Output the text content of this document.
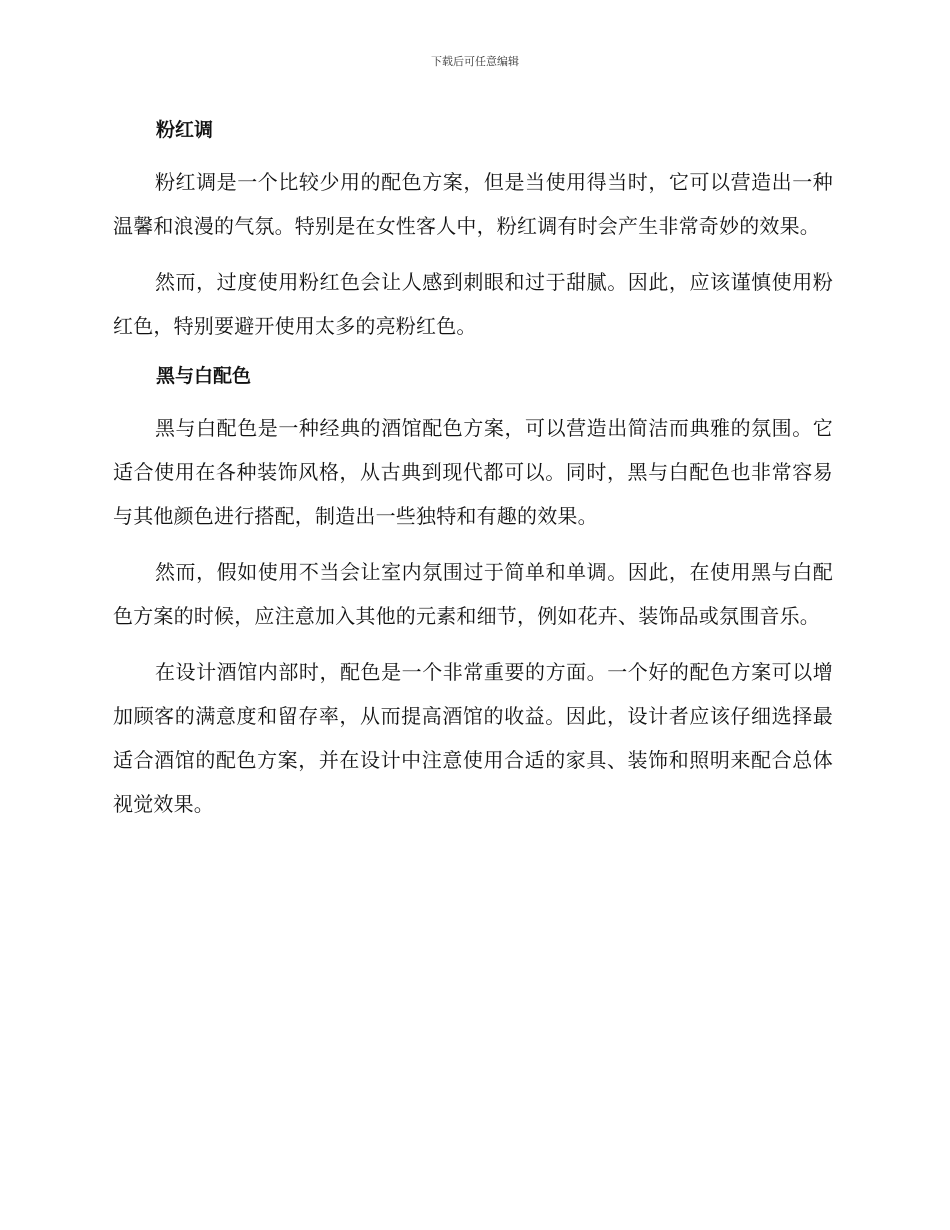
下载后可任意编辑
粉红调

粉红调是一个比较少用的配色方案，但是当使用得当时，它可以营造出一种温馨和浪漫的气氛。特别是在女性客人中，粉红调有时会产生非常奇妙的效果。

然而，过度使用粉红色会让人感到刺眼和过于甜腻。因此，应该谨慎使用粉红色，特别要避开使用太多的亮粉红色。

黑与白配色

黑与白配色是一种经典的酒馆配色方案，可以营造出简洁而典雅的氛围。它适合使用在各种装饰风格，从古典到现代都可以。同时，黑与白配色也非常容易与其他颜色进行搭配，制造出一些独特和有趣的效果。

然而，假如使用不当会让室内氛围过于简单和单调。因此，在使用黑与白配色方案的时候，应注意加入其他的元素和细节，例如花卉、装饰品或氛围音乐。

在设计酒馆内部时，配色是一个非常重要的方面。一个好的配色方案可以增加顾客的满意度和留存率，从而提高酒馆的收益。因此，设计者应该仔细选择最适合酒馆的配色方案，并在设计中注意使用合适的家具、装饰和照明来配合总体视觉效果。
